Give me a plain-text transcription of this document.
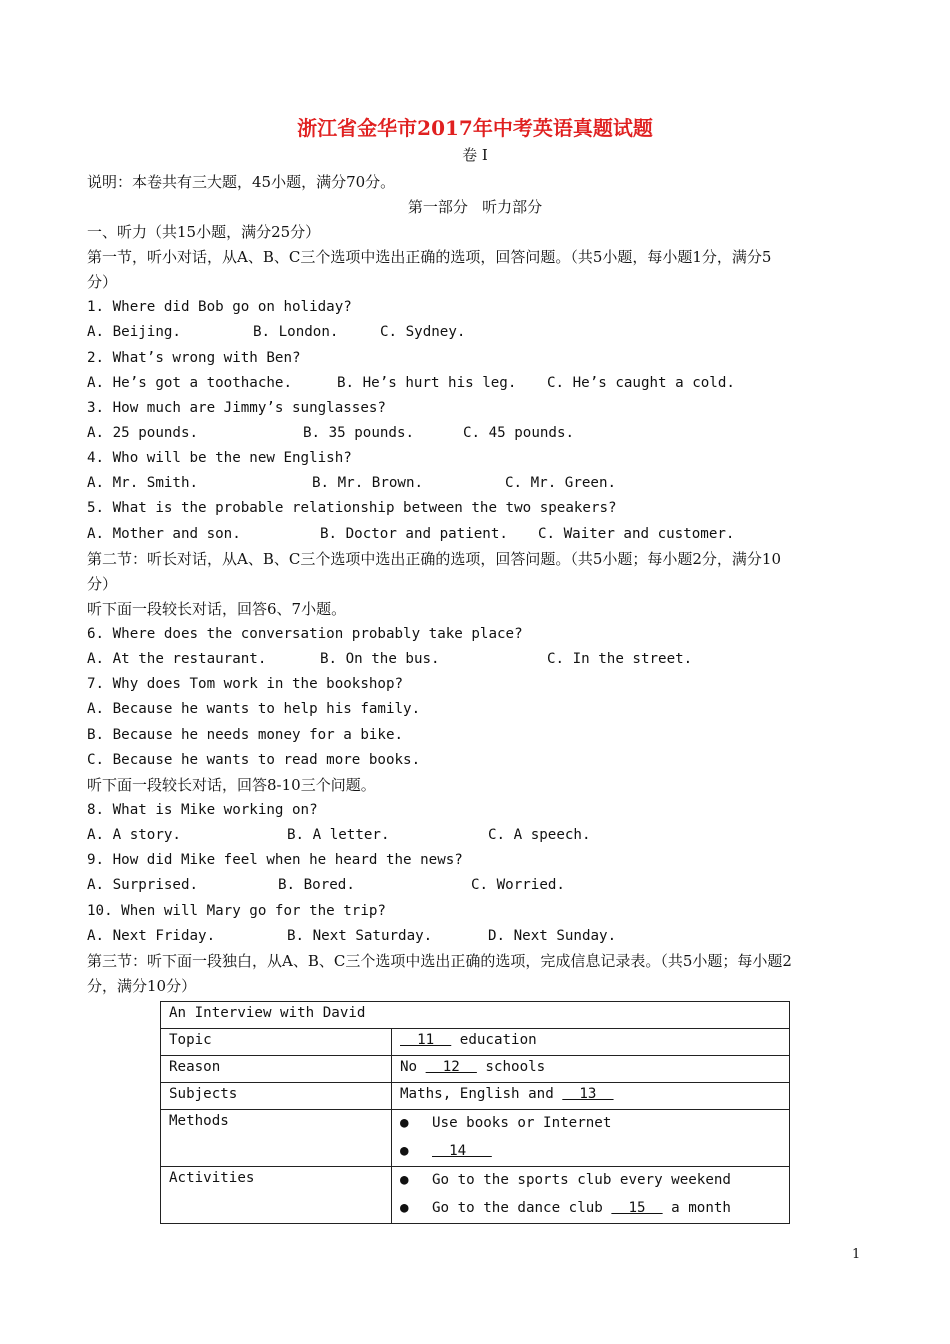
浙江省金华市2017年中考英语真题试题
卷 I
说明：本卷共有三大题，45小题，满分70分。
第一部分   听力部分
一、听力（共15小题，满分25分）
第一节，听小对话，从A、B、C三个选项中选出正确的选项，回答问题。（共5小题，每小题1分，满分5
分）
1. Where did Bob go on holiday?
A. Beijing.	B. London.	C. Sydney.
2. What’s wrong with Ben?
A. He’s got a toothache.	B. He’s hurt his leg. C. He’s caught a cold.
3. How much are Jimmy’s sunglasses?
A. 25 pounds.	B. 35 pounds.	C. 45 pounds.
4. Who will be the new English?
A. Mr. Smith.	B. Mr. Brown.	C. Mr. Green.
5. What is the probable relationship between the two speakers?
A. Mother and son.	B. Doctor and patient. C. Waiter and customer.
第二节：听长对话，从A、B、C三个选项中选出正确的选项，回答问题。（共5小题；每小题2分，满分10
分）
听下面一段较长对话，回答6、7小题。
6. Where does the conversation probably take place?
A. At the restaurant.	B. On the bus.	C. In the street.
7. Why does Tom work in the bookshop?
A. Because he wants to help his family.
B. Because he needs money for a bike.
C. Because he wants to read more books.
听下面一段较长对话，回答8-10三个问题。
8. What is Mike working on?
A. A story.	B. A letter.	C. A speech.
9. How did Mike feel when he heard the news?
A. Surprised.	B. Bored.	C. Worried.
10. When will Mary go for the trip?
A. Next Friday.	B. Next Saturday.	D. Next Sunday.
第三节：听下面一段独白，从A、B、C三个选项中选出正确的选项，完成信息记录表。（共5小题；每小题2
分，满分10分）
An Interview with David	

Topic	11   education

Reason	No   12   schools

Subjects	Maths, English and   13

Methods	● Use books or Internet
●  14

Activities	● Go to the sports club every weekend
● Go to the dance club   15   a month
1
